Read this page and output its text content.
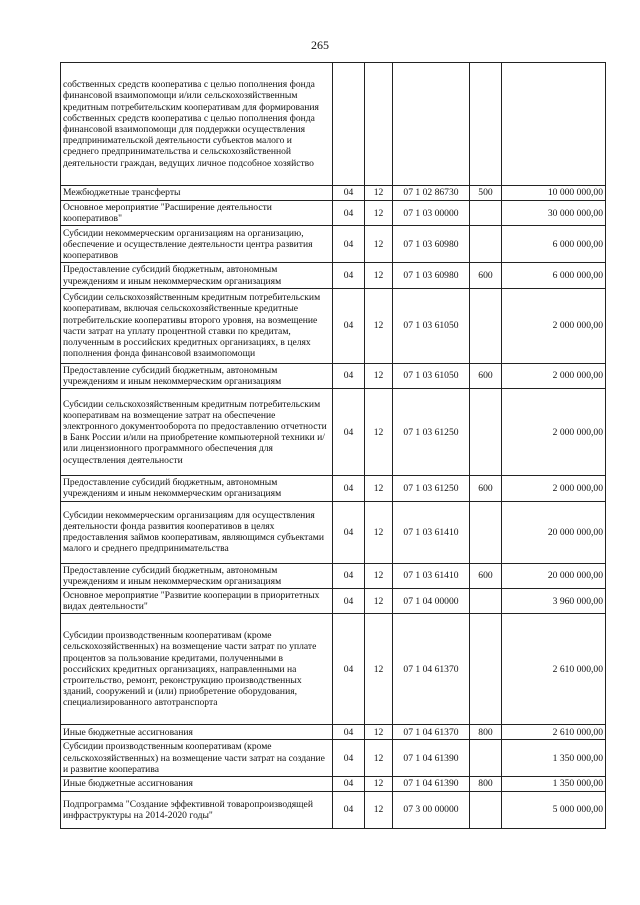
265
собственных средств кооператива с целью пополнения фонда финансовой взаимопомощи и/или сельскохозяйственным кредитным потребительским кооперативам для формирования собственных средств кооператива с целью пополнения фонда финансовой взаимопомощи для поддержки осуществления предпринимательской деятельности субъектов малого и среднего предпринимательства и сельскохозяйственной деятельности граждан, ведущих личное подсобное хозяйство					
Межбюджетные трансферты	04	12	07 1 02 86730	500	10 000 000,00
Основное мероприятие "Расширение деятельности кооперативов"	04	12	07 1 03 00000		30 000 000,00
Субсидии некоммерческим организациям на организацию, обеспечение и осуществление деятельности центра развития кооперативов	04	12	07 1 03 60980		6 000 000,00
Предоставление субсидий бюджетным, автономным учреждениям и иным некоммерческим организациям	04	12	07 1 03 60980	600	6 000 000,00
Субсидии сельскохозяйственным кредитным потребительским кооперативам, включая сельскохозяйственные кредитные потребительские кооперативы второго уровня, на возмещение части затрат на уплату процентной ставки по кредитам, полученным в российских кредитных организациях, в целях пополнения фонда финансовой взаимопомощи	04	12	07 1 03 61050		2 000 000,00
Предоставление субсидий бюджетным, автономным учреждениям и иным некоммерческим организациям	04	12	07 1 03 61050	600	2 000 000,00
Субсидии сельскохозяйственным кредитным потребительским кооперативам на возмещение затрат на обеспечение электронного документооборота по предоставлению отчетности в Банк России и/или на приобретение компьютерной техники и/или лицензионного программного обеспечения для осуществления деятельности	04	12	07 1 03 61250		2 000 000,00
Предоставление субсидий бюджетным, автономным учреждениям и иным некоммерческим организациям	04	12	07 1 03 61250	600	2 000 000,00
Субсидии некоммерческим организациям для осуществления деятельности фонда развития кооперативов в целях предоставления займов кооперативам, являющимся субъектами малого и среднего предпринимательства	04	12	07 1 03 61410		20 000 000,00
Предоставление субсидий бюджетным, автономным учреждениям и иным некоммерческим организациям	04	12	07 1 03 61410	600	20 000 000,00
Основное мероприятие "Развитие кооперации в приоритетных видах деятельности"	04	12	07 1 04 00000		3 960 000,00
Субсидии производственным кооперативам (кроме сельскохозяйственных) на возмещение части затрат по уплате процентов за пользование кредитами, полученными в российских кредитных организациях, направленными на строительство, ремонт, реконструкцию производственных зданий, сооружений и (или) приобретение оборудования, специализированного автотранспорта	04	12	07 1 04 61370		2 610 000,00
Иные бюджетные ассигнования	04	12	07 1 04 61370	800	2 610 000,00
Субсидии производственным кооперативам (кроме сельскохозяйственных) на возмещение части затрат на создание и развитие кооператива	04	12	07 1 04 61390		1 350 000,00
Иные бюджетные ассигнования	04	12	07 1 04 61390	800	1 350 000,00
Подпрограмма "Создание эффективной товаропроизводящей инфраструктуры на 2014-2020 годы"	04	12	07 3 00 00000		5 000 000,00
